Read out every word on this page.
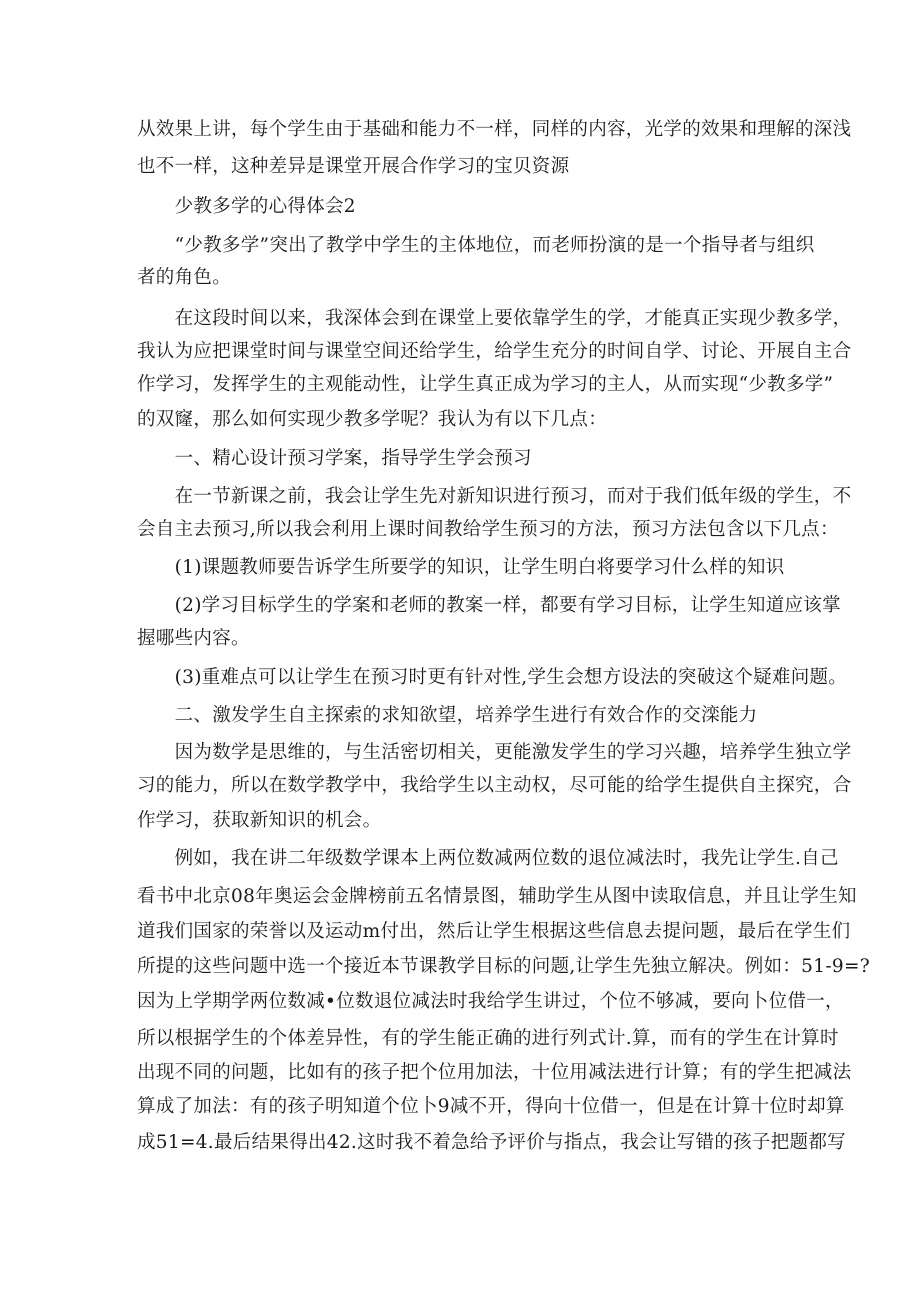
从效果上讲，每个学生由于基础和能力不一样，同样的内容，光学的效果和理解的深浅
也不一样，这种差异是课堂开展合作学习的宝贝资源
　　少教多学的心得体会2
　　“少教多学”突出了教学中学生的主体地位，而老师扮演的是一个指导者与组织
者的角色。
　　在这段时间以来，我深体会到在课堂上要依靠学生的学，才能真正实现少教多学，
我认为应把课堂时间与课堂空间还给学生，给学生充分的时间自学、讨论、开展自主合
作学习，发挥学生的主观能动性，让学生真正成为学习的主人，从而实现“少教多学”
的双窿，那么如何实现少教多学呢？我认为有以下几点：
　　一、精心设计预习学案，指导学生学会预习
　　在一节新课之前，我会让学生先对新知识进行预习，而对于我们低年级的学生，不
会自主去预习,所以我会利用上课时间教给学生预习的方法，预习方法包含以下几点：
　　(1)课题教师要告诉学生所要学的知识，让学生明白将要学习什么样的知识
　　(2)学习目标学生的学案和老师的教案一样，都要有学习目标，让学生知道应该掌
握哪些内容。
　　(3)重难点可以让学生在预习时更有针对性,学生会想方设法的突破这个疑难问题。
　　二、激发学生自主探索的求知欲望，培养学生进行有效合作的交滦能力
　　因为数学是思维的，与生活密切相关，更能激发学生的学习兴趣，培养学生独立学
习的能力，所以在数学教学中，我给学生以主动权，尽可能的给学生提供自主探究，合
作学习，获取新知识的机会。
　　例如，我在讲二年级数学课本上两位数减两位数的退位减法时，我先让学生.自己
看书中北京08年奥运会金牌榜前五名情景图，辅助学生从图中读取信息，并且让学生知
道我们国家的荣誉以及运动m付出，然后让学生根据这些信息去提问题，最后在学生们
所提的这些问题中选一个接近本节课教学目标的问题,让学生先独立解决。例如：51-9=?
因为上学期学两位数减•位数退位减法时我给学生讲过，个位不够减，要向卜位借一，
所以根据学生的个体差异性，有的学生能正确的进行列式计.算，而有的学生在计算时
出现不同的问题，比如有的孩子把个位用加法，十位用减法进行计算；有的学生把减法
算成了加法：有的孩子明知道个位卜9减不开，得向十位借一，但是在计算十位时却算
成51=4.最后结果得出42.这时我不着急给予评价与指点，我会让写错的孩子把题都写
